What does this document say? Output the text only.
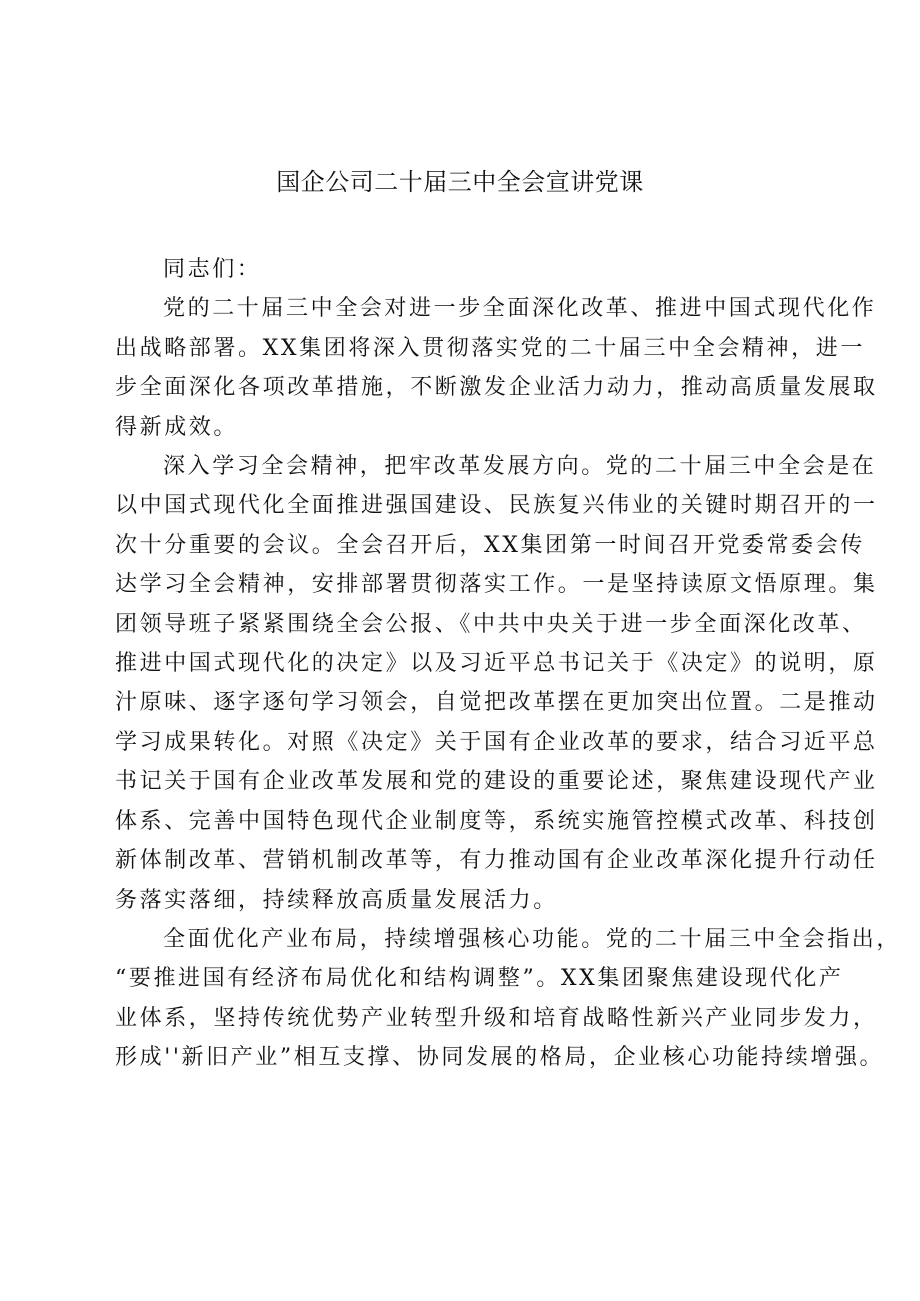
国企公司二十届三中全会宣讲党课

同志们：

党的二十届三中全会对进一步全面深化改革、推进中国式现代化作
出战略部署。XX集团将深入贯彻落实党的二十届三中全会精神，进一
步全面深化各项改革措施，不断激发企业活力动力，推动高质量发展取
得新成效。

深入学习全会精神，把牢改革发展方向。党的二十届三中全会是在
以中国式现代化全面推进强国建设、民族复兴伟业的关键时期召开的一
次十分重要的会议。全会召开后，XX集团第一时间召开党委常委会传
达学习全会精神，安排部署贯彻落实工作。一是坚持读原文悟原理。集
团领导班子紧紧围绕全会公报、《中共中央关于进一步全面深化改革、
推进中国式现代化的决定》以及习近平总书记关于《决定》的说明，原
汁原味、逐字逐句学习领会，自觉把改革摆在更加突出位置。二是推动
学习成果转化。对照《决定》关于国有企业改革的要求，结合习近平总
书记关于国有企业改革发展和党的建设的重要论述，聚焦建设现代产业
体系、完善中国特色现代企业制度等，系统实施管控模式改革、科技创
新体制改革、营销机制改革等，有力推动国有企业改革深化提升行动任
务落实落细，持续释放高质量发展活力。

全面优化产业布局，持续增强核心功能。党的二十届三中全会指出，
“要推进国有经济布局优化和结构调整”。XX集团聚焦建设现代化产
业体系，坚持传统优势产业转型升级和培育战略性新兴产业同步发力，
形成''新旧产业”相互支撑、协同发展的格局，企业核心功能持续增强。
